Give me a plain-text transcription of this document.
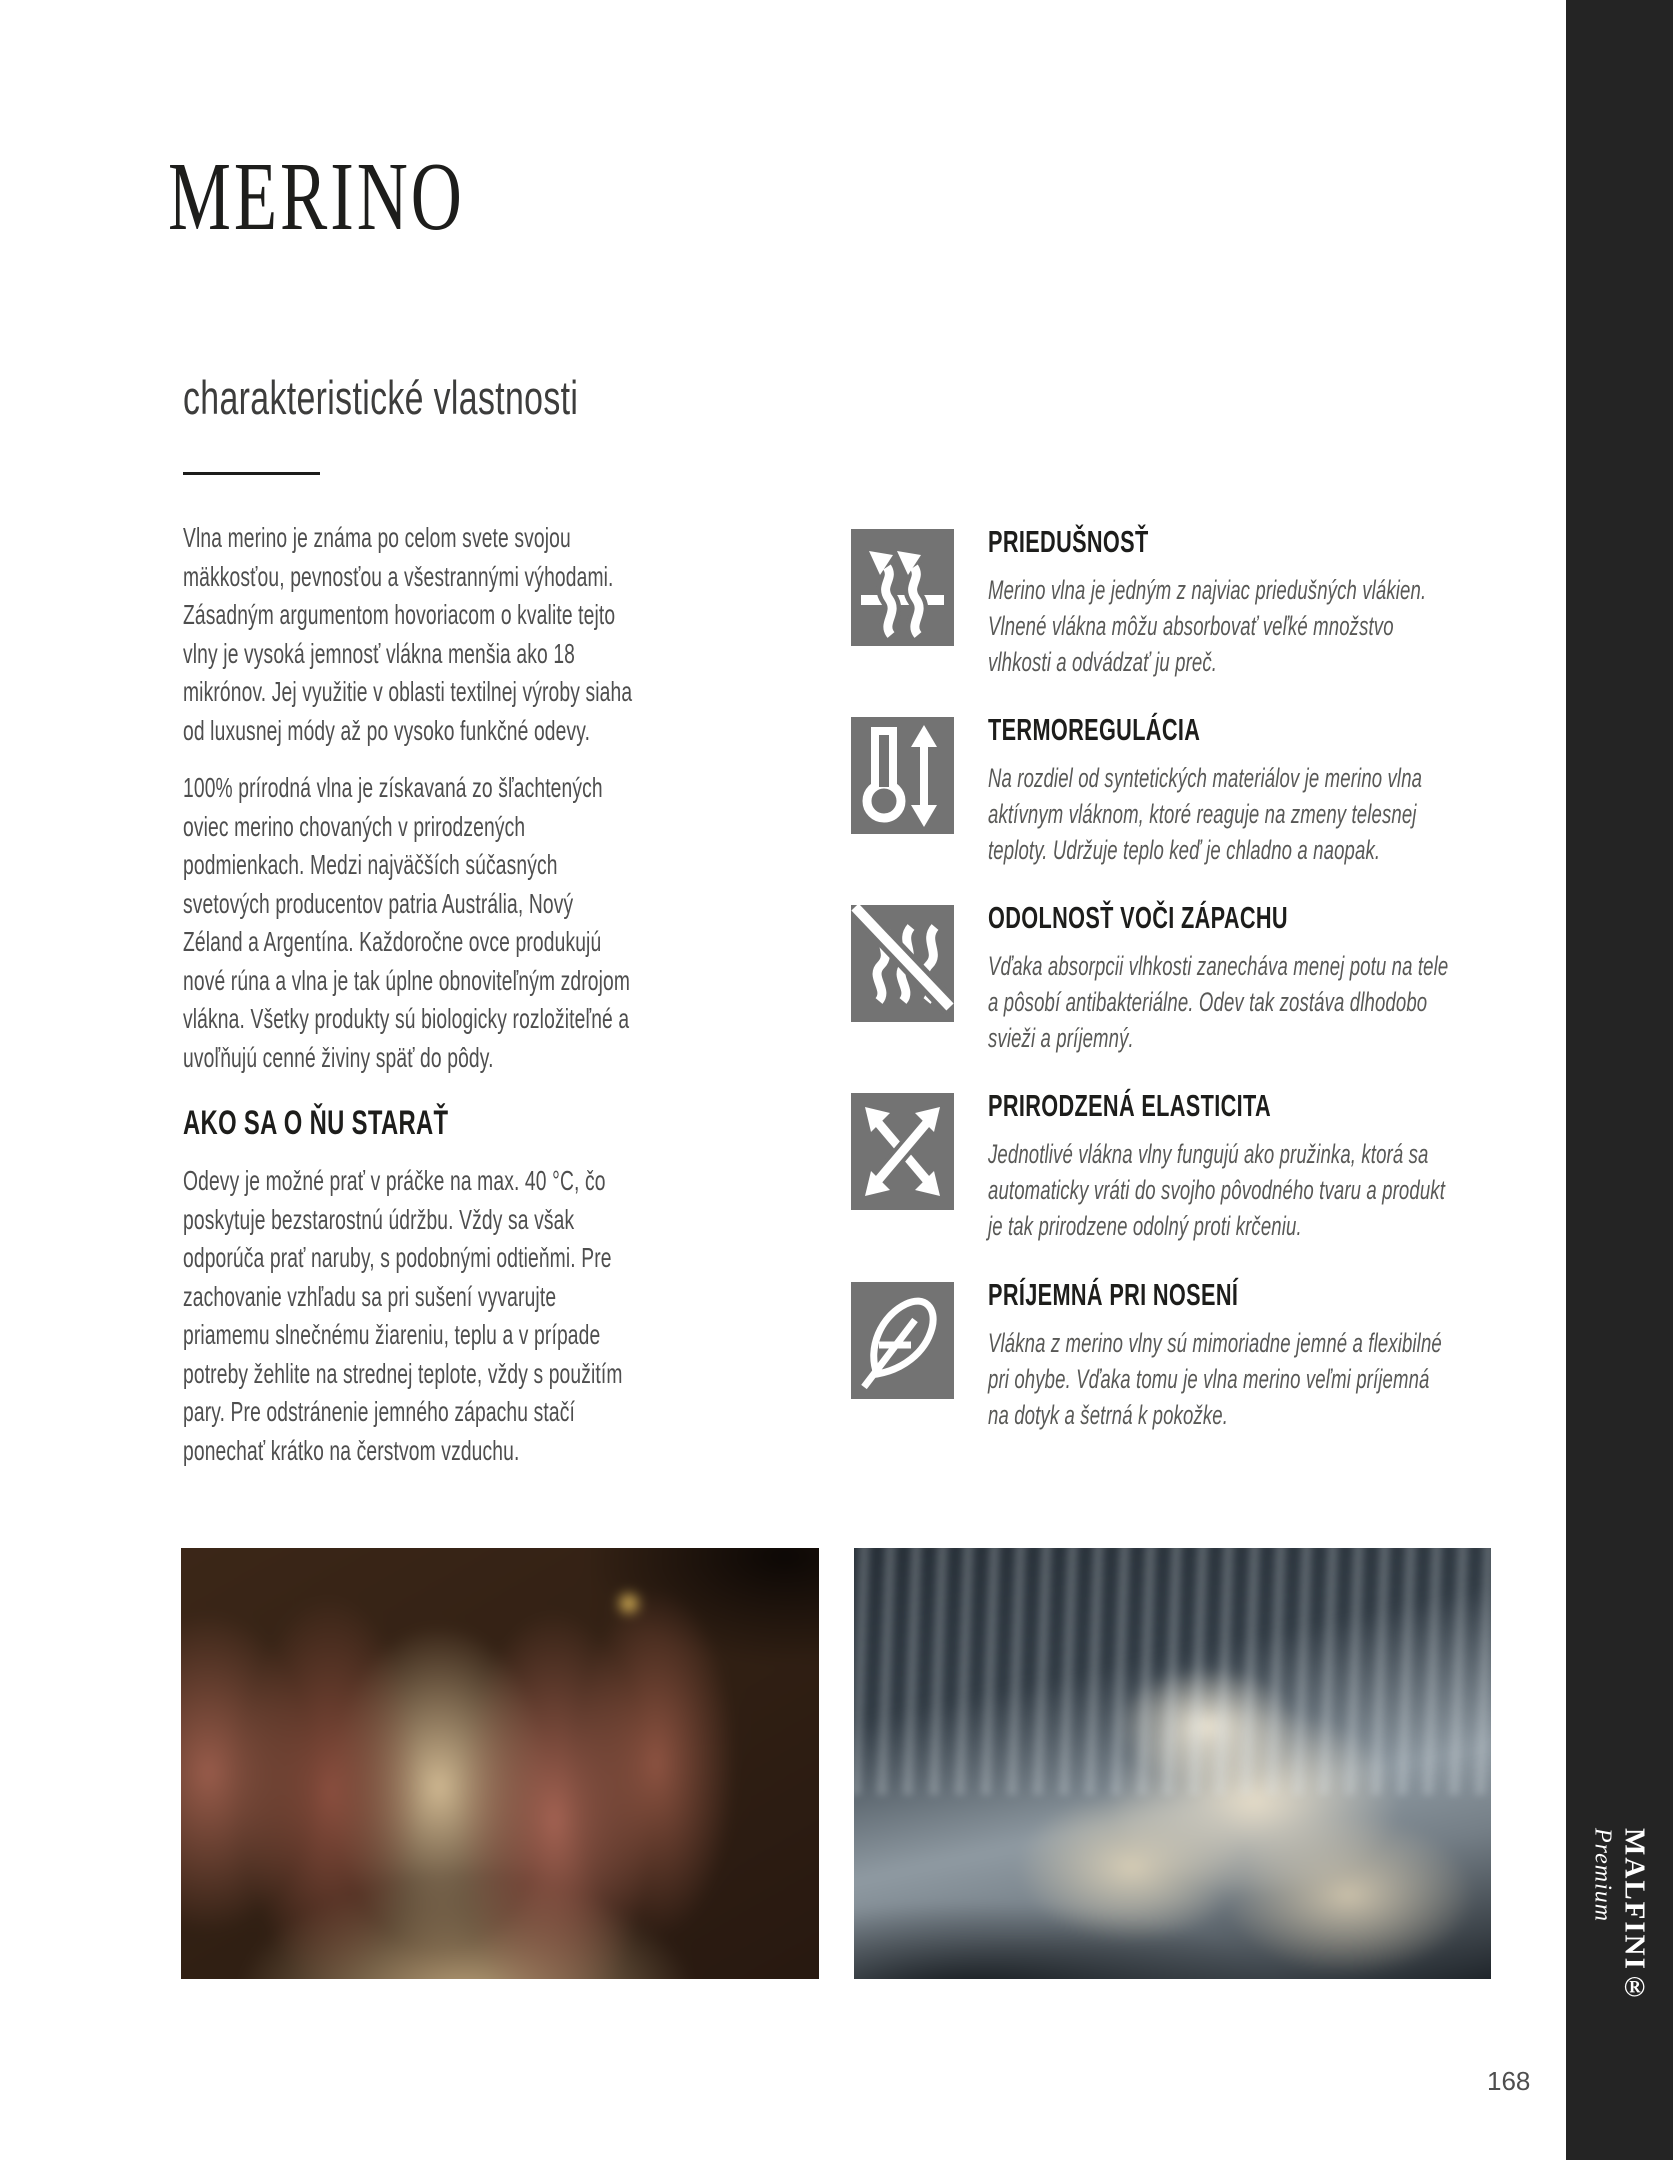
MERINO
charakteristické vlastnosti

Vlna merino je známa po celom svete svojou mäkkosťou, pevnosťou a všestrannými výhodami. Zásadným argumentom hovoriacom o kvalite tejto vlny je vysoká jemnosť vlákna menšia ako 18 mikrónov. Jej využitie v oblasti textilnej výroby siaha od luxusnej módy až po vysoko funkčné odevy.

100% prírodná vlna je získavaná zo šľachtených oviec merino chovaných v prirodzených podmienkach. Medzi najväčších súčasných svetových producentov patria Austrália, Nový Zéland a Argentína. Každoročne ovce produkujú nové rúna a vlna je tak úplne obnoviteľným zdrojom vlákna. Všetky produkty sú biologicky rozložiteľné a uvoľňujú cenné živiny späť do pôdy.

AKO SA O ŇU STARAŤ

Odevy je možné prať v práčke na max. 40 °C, čo poskytuje bezstarostnú údržbu. Vždy sa však odporúča prať naruby, s podobnými odtieňmi. Pre zachovanie vzhľadu sa pri sušení vyvarujte priamemu slnečnému žiareniu, teplu a v prípade potreby žehlite na strednej teplote, vždy s použitím pary. Pre odstránenie jemného zápachu stačí ponechať krátko na čerstvom vzduchu.

PRIEDUŠNOSŤ

Merino vlna je jedným z najviac priedušných vlákien. Vlnené vlákna môžu absorbovať veľké množstvo vlhkosti a odvádzať ju preč.

TERMOREGULÁCIA

Na rozdiel od syntetických materiálov je merino vlna aktívnym vláknom, ktoré reaguje na zmeny telesnej teploty. Udržuje teplo keď je chladno a naopak.

ODOLNOSŤ VOČI ZÁPACHU

Vďaka absorpcii vlhkosti zanecháva menej potu na tele a pôsobí antibakteriálne. Odev tak zostáva dlhodobo svieži a príjemný.

PRIRODZENÁ ELASTICITA

Jednotlivé vlákna vlny fungujú ako pružinka, ktorá sa automaticky vráti do svojho pôvodného tvaru a produkt je tak prirodzene odolný proti krčeniu.

PRÍJEMNÁ PRI NOSENÍ

Vlákna z merino vlny sú mimoriadne jemné a flexibilné pri ohybe. Vďaka tomu je vlna merino veľmi príjemná na dotyk a šetrná k pokožke.

168
MALFINI®
Premium
